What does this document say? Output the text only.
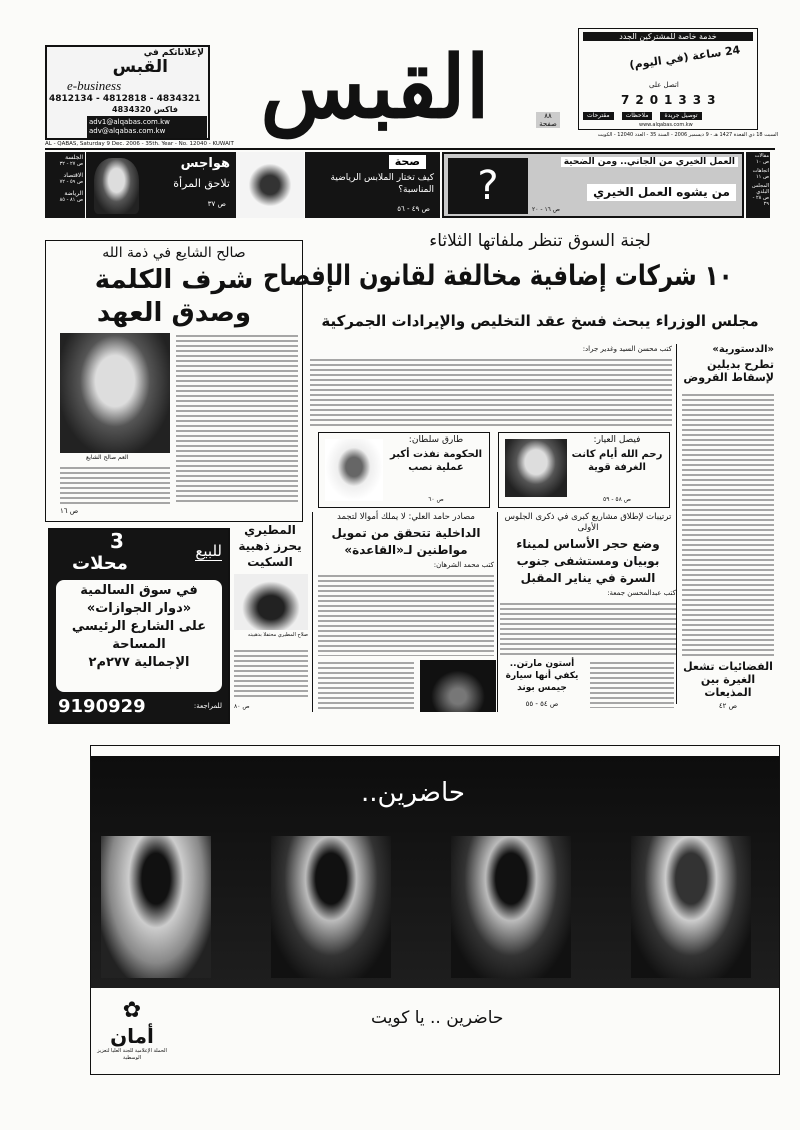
لإعلاناتكم في
القبس
e-business
4812134 - 4812818 - 4834321
فاكس 4834320
adv1@alqabas.com.kw
adv@alqabas.com.kw
AL - QABAS, Saturday 9 Dec. 2006 - 35th. Year - No. 12040 - KUWAIT
القبس	٨٨ صفحة
خدمة خاصة للمشتركين الجدد
24 ساعة (في اليوم)
اتصل على
7201333
مقترحات	ملاحظات	توصيل جريدة
www.alqabas.com.kw
السبت 18 ذي القعدة 1427 هـ - 9 ديسمبر 2006 - السنة 35 - العدد 12040 - الكويت
الجلسة
ص ٢٧ - ٣٢
الاقتصاد
ص ٥٩ - ٧٢
الرياضة
ص ٨١ - ٨٥
هواجس
تلاحق المرأة
ص ٣٧
صحة
كيف تختار الملابس الرياضية المناسبة؟
ص ٤٩ - ٥٦	?
العمل الخيري من الجاني.. ومن الضحية
من يشوه العمل الخيري
ص ١٦ - ٢٠
مقالات
ص ١٠
اتجاهات
ص ١١
المجلس البلدي
ص ٢٨ - ٢٩
لجنة السوق تنظر ملفاتها الثلاثاء
١٠ شركات إضافية مخالفة لقانون الإفصاح
مجلس الوزراء يبحث فسخ عقد التخليص والإيرادات الجمركية
كتب محسن السيد وغدير جراد:	«الدستورية»
تطرح بديلين لإسقاط القروض
الفضائيات تشعل الغيرة بين المذيعات
ص ٤٢
صالح الشايع في ذمة الله
شرف الكلمة
وصدق العهد
العم صالح الشايع
ص ١٦
فيصل العيار:
رحم الله أيام كانت الغرفة قوية
ص ٥٨ - ٥٩
طارق سلطان:
الحكومة نفذت أكبر عملية نصب
ص ٦٠
ترتيبات لإطلاق مشاريع كبرى في ذكرى الجلوس الأولى
وضع حجر الأساس لميناء بوبيان ومستشفى جنوب السرة في يناير المقبل
كتب عبدالمحسن جمعة:
أستون مارتن.. يكفي أنها سيارة جيمس بوند
ص ٥٤ - ٥٥
مصادر حامد العلي: لا يملك أموالا لتجمد
الداخلية تتحقق من تمويل مواطنين لـ«القاعدة»
كتب محمد الشرهان:
المطيري يحرز ذهبية السكيت
صلاح المطيري محتفلا بذهبيته
ص ٨٠
للبيع
3
محلات
في سوق السالمية
«دوار الجوازات»
على الشارع الرئيسي
المساحة
الإجمالية ٢٧٧م٢
للمراجعة:
9190929
حاضرين..
حاضرين .. يا كويت
✿
أمان
الحملة الإعلامية للجنة العليا لتعزيز الوسطية
